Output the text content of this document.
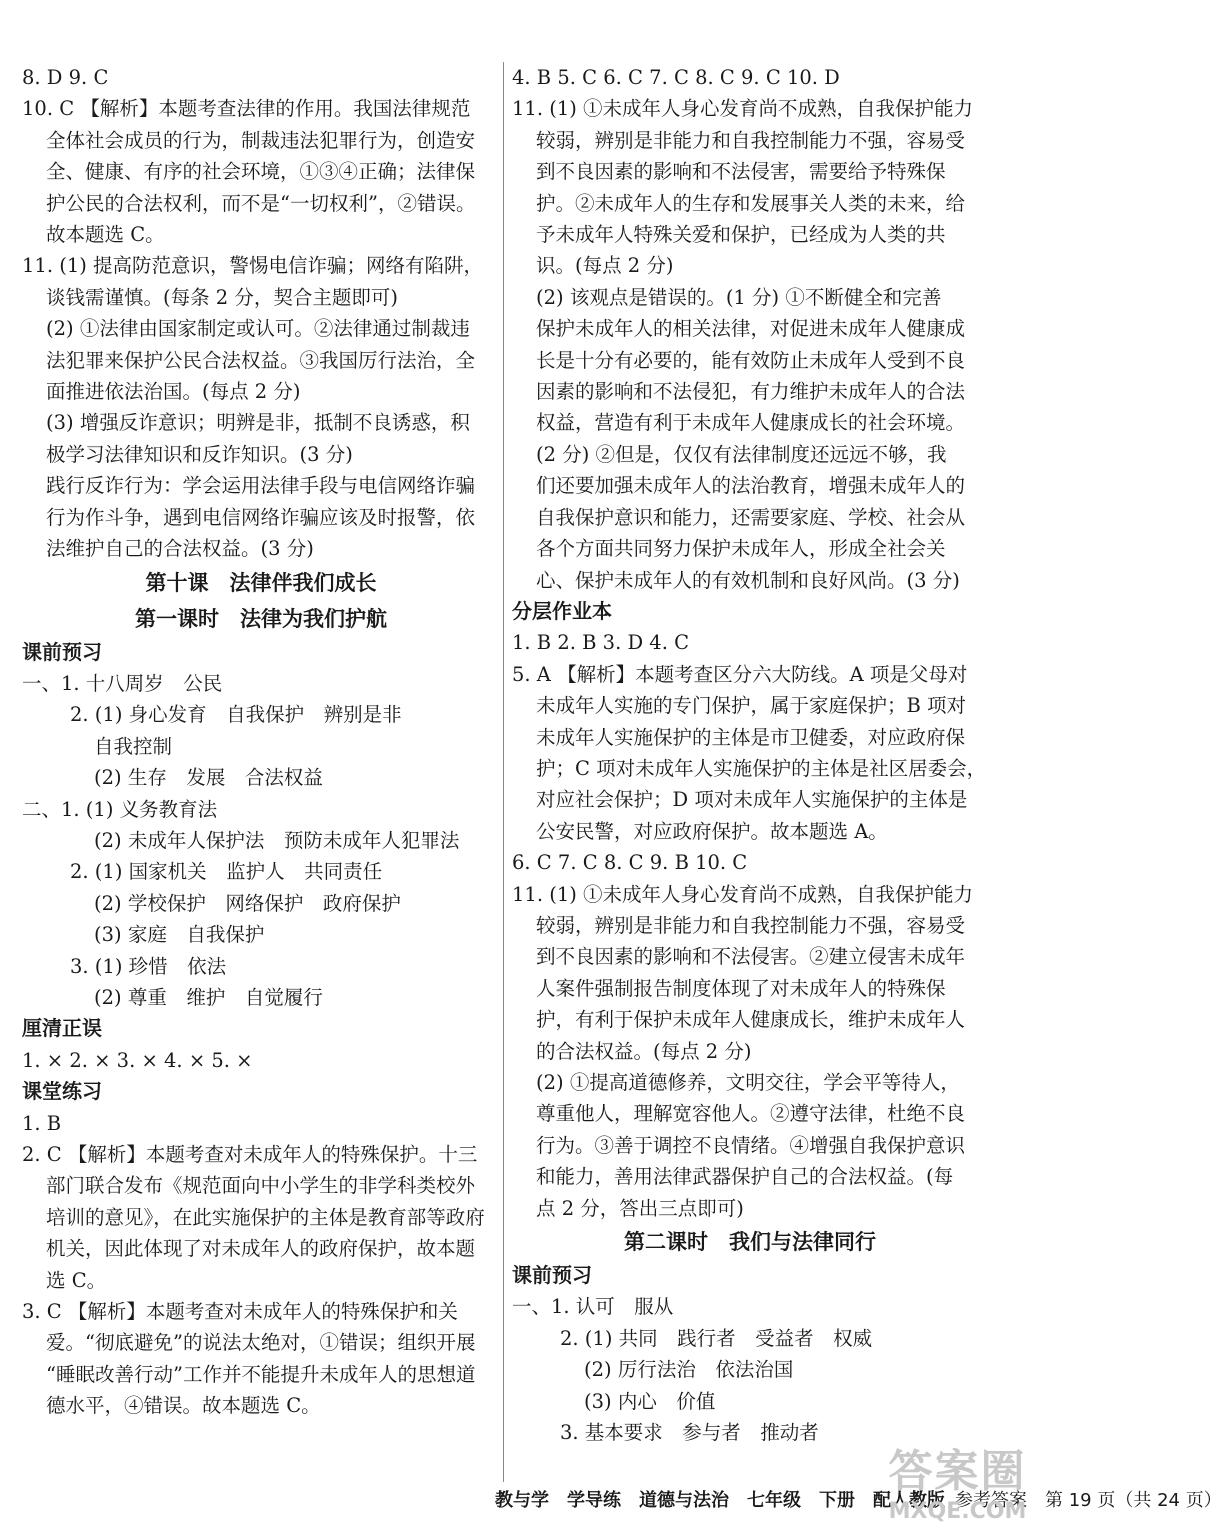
8. D 9. C
10. C 【解析】本题考查法律的作用。我国法律规范
全体社会成员的行为，制裁违法犯罪行为，创造安
全、健康、有序的社会环境，①③④正确；法律保
护公民的合法权利，而不是“一切权利”，②错误。
故本题选 C。
11. (1) 提高防范意识，警惕电信诈骗；网络有陷阱，
谈钱需谨慎。(每条 2 分，契合主题即可)
(2) ①法律由国家制定或认可。②法律通过制裁违
法犯罪来保护公民合法权益。③我国厉行法治，全
面推进依法治国。(每点 2 分)
(3) 增强反诈意识；明辨是非，抵制不良诱惑，积
极学习法律知识和反诈知识。(3 分)
践行反诈行为：学会运用法律手段与电信网络诈骗
行为作斗争，遇到电信网络诈骗应该及时报警，依
法维护自己的合法权益。(3 分)
第十课　法律伴我们成长
第一课时　法律为我们护航
课前预习
一、1. 十八周岁　公民
2. (1) 身心发育　自我保护　辨别是非
自我控制
(2) 生存　发展　合法权益
二、1. (1) 义务教育法
(2) 未成年人保护法　预防未成年人犯罪法
2. (1) 国家机关　监护人　共同责任
(2) 学校保护　网络保护　政府保护
(3) 家庭　自我保护
3. (1) 珍惜　依法
(2) 尊重　维护　自觉履行
厘清正误
1. × 2. × 3. × 4. × 5. ×
课堂练习
1. B
2. C 【解析】本题考查对未成年人的特殊保护。十三
部门联合发布《规范面向中小学生的非学科类校外
培训的意见》，在此实施保护的主体是教育部等政府
机关，因此体现了对未成年人的政府保护，故本题
选 C。
3. C 【解析】本题考查对未成年人的特殊保护和关
爱。“彻底避免”的说法太绝对，①错误；组织开展
“睡眠改善行动”工作并不能提升未成年人的思想道
德水平，④错误。故本题选 C。
4. B 5. C 6. C 7. C 8. C 9. C 10. D
11. (1) ①未成年人身心发育尚不成熟，自我保护能力
较弱，辨别是非能力和自我控制能力不强，容易受
到不良因素的影响和不法侵害，需要给予特殊保
护。②未成年人的生存和发展事关人类的未来，给
予未成年人特殊关爱和保护，已经成为人类的共
识。(每点 2 分)
(2) 该观点是错误的。(1 分) ①不断健全和完善
保护未成年人的相关法律，对促进未成年人健康成
长是十分有必要的，能有效防止未成年人受到不良
因素的影响和不法侵犯，有力维护未成年人的合法
权益，营造有利于未成年人健康成长的社会环境。
(2 分) ②但是，仅仅有法律制度还远远不够，我
们还要加强未成年人的法治教育，增强未成年人的
自我保护意识和能力，还需要家庭、学校、社会从
各个方面共同努力保护未成年人，形成全社会关
心、保护未成年人的有效机制和良好风尚。(3 分)
分层作业本
1. B 2. B 3. D 4. C
5. A 【解析】本题考查区分六大防线。A 项是父母对
未成年人实施的专门保护，属于家庭保护；B 项对
未成年人实施保护的主体是市卫健委，对应政府保
护；C 项对未成年人实施保护的主体是社区居委会，
对应社会保护；D 项对未成年人实施保护的主体是
公安民警，对应政府保护。故本题选 A。
6. C 7. C 8. C 9. B 10. C
11. (1) ①未成年人身心发育尚不成熟，自我保护能力
较弱，辨别是非能力和自我控制能力不强，容易受
到不良因素的影响和不法侵害。②建立侵害未成年
人案件强制报告制度体现了对未成年人的特殊保
护，有利于保护未成年人健康成长，维护未成年人
的合法权益。(每点 2 分)
(2) ①提高道德修养，文明交往，学会平等待人，
尊重他人，理解宽容他人。②遵守法律，杜绝不良
行为。③善于调控不良情绪。④增强自我保护意识
和能力，善用法律武器保护自己的合法权益。(每
点 2 分，答出三点即可)
第二课时　我们与法律同行
课前预习
一、1. 认可　服从
2. (1) 共同　践行者　受益者　权威
(2) 厉行法治　依法治国
(3) 内心　价值
3. 基本要求　参与者　推动者
教与学　学导练　道德与法治　七年级　下册　配人教版 参考答案　第 19 页（共 24 页）
答案圈
MXQE.COM
